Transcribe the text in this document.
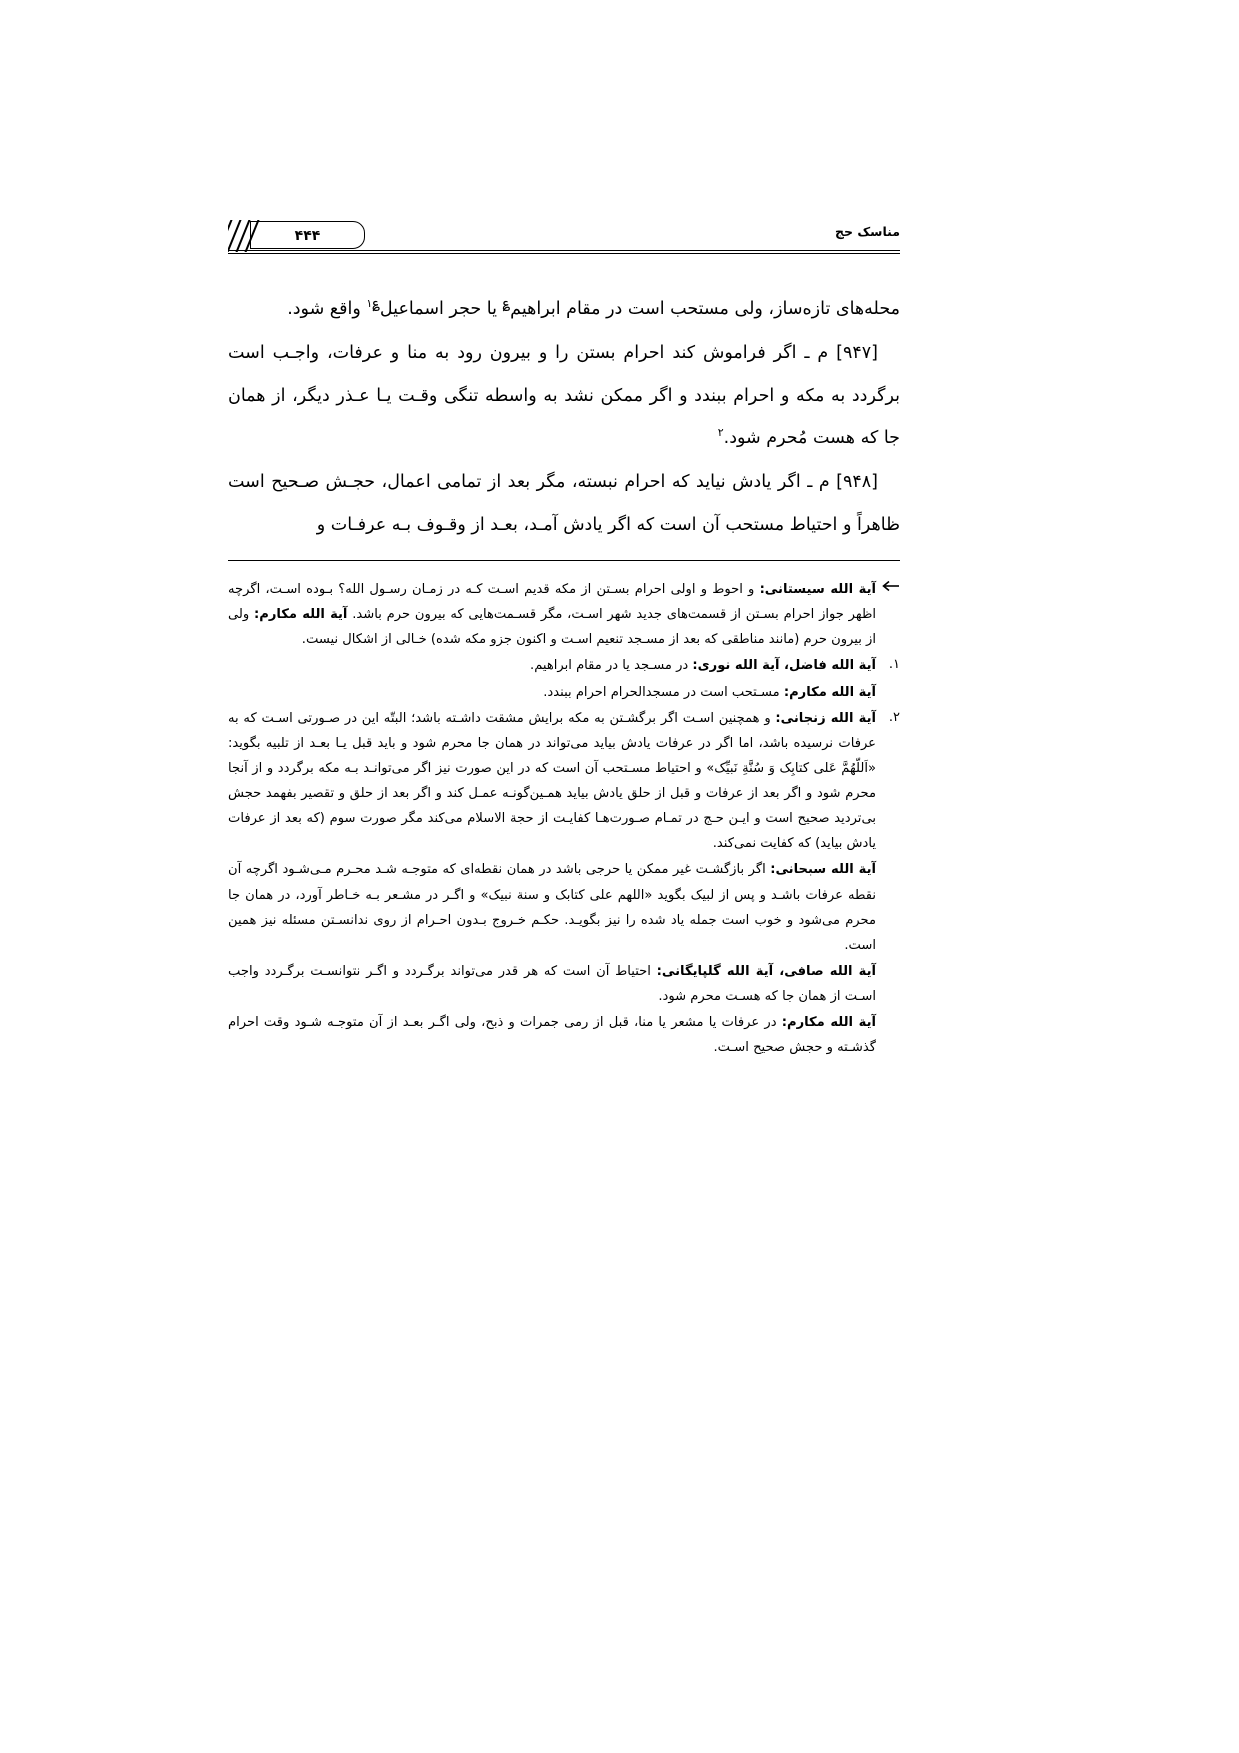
مناسک حج
۴۴۴

محله‌های تازه‌ساز، ولی مستحب است در مقام ابراهیم؏ یا حجر اسماعیل$^{؏۱}$ واقع شود.

[۹۴۷] م ـ اگر فراموش کند احرام بستن را و بیرون رود به منا و عرفات، واجـب است برگردد به مکه و احرام ببندد و اگر ممکن نشد به واسطه تنگی وقـت یـا عـذر دیگر، از همان جا که هست مُحرم شود.$^۲$

[۹۴۸] م ـ اگر یادش نیاید که احرام نبسته، مگر بعد از تمامی اعمال، حجـش صـحیح است ظاهراً و احتیاط مستحب آن است که اگر یادش آمـد، بعـد از وقـوف بـه عرفـات و

آية الله سيستانی: و احوط و اولی احرام بسـتن از مکه قدیم اسـت کـه در زمـان رسـول الله؟ بـوده اسـت، اگرچه اظهر جواز احرام بسـتن از قسمت‌های جدید شهر اسـت، مگر قسـمت‌هایی که بیرون حرم باشد. آية الله مكارم: ولی از بیرون حرم (مانند مناطقی که بعد از مسـجد تنعیم اسـت و اکنون جزو مکه شده) خـالی از اشکال نیست.
۱.
آية الله فاضل، آية الله نوری: در مسـجد یا در مقام ابراهیم.
آية الله مكارم: مسـتحب است در مسجدالحرام احرام ببندد.
۲.
آية الله زنجانی: و همچنین اسـت اگر برگشـتن به مکه برایش مشقت داشـته باشد؛ البتّه این در صـورتی اسـت که به عرفات نرسیده باشد، اما اگر در عرفات یادش بیاید می‌تواند در همان جا محرم شود و باید قبل یـا بعـد از تلبیه بگوید: «اَللّهُمَّ عَلی کتابِک وَ سُنَّةِ نَبیِّک» و احتیاط مسـتحب آن است که در این صورت نیز اگر می‌توانـد بـه مکه برگردد و از آنجا محرم شود و اگر بعد از عرفات و قبل از حلق یادش بیاید همـین‌گونـه عمـل کند و اگر بعد از حلق و تقصیر بفهمد حجش بی‌تردید صحیح است و ایـن حـج در تمـام صـورت‌هـا کفایـت از حجة الاسلام می‌کند مگر صورت سوم (که بعد از عرفات یادش بیاید) که کفایت نمی‌کند.
آية الله سبحانی: اگر بازگشـت غیر ممکن یا حرجی باشد در همان نقطه‌ای که متوجـه شـد محـرم مـی‌شـود اگرچه آن نقطه عرفات باشـد و پس از لبیک بگوید «اللهم علی کتابک و سنة نبیک» و اگـر در مشـعر بـه خـاطر آورد، در همان جا محرم می‌شود و خوب است جمله یاد شده را نیز بگویـد. حکـم خـروج بـدون احـرام از روی ندانسـتن مسئله نیز همین است.
آية الله صافی، آية الله گلپايگانی: احتیاط آن است که هر قدر می‌تواند برگـردد و اگـر نتوانسـت برگـردد واجب اسـت از همان جا که هسـت محرم شود.
آية الله مكارم: در عرفات یا مشعر یا منا، قبل از رمی جمرات و ذبح، ولی اگـر بعـد از آن متوجـه شـود وقت احرام گذشـته و حجش صحیح اسـت.
